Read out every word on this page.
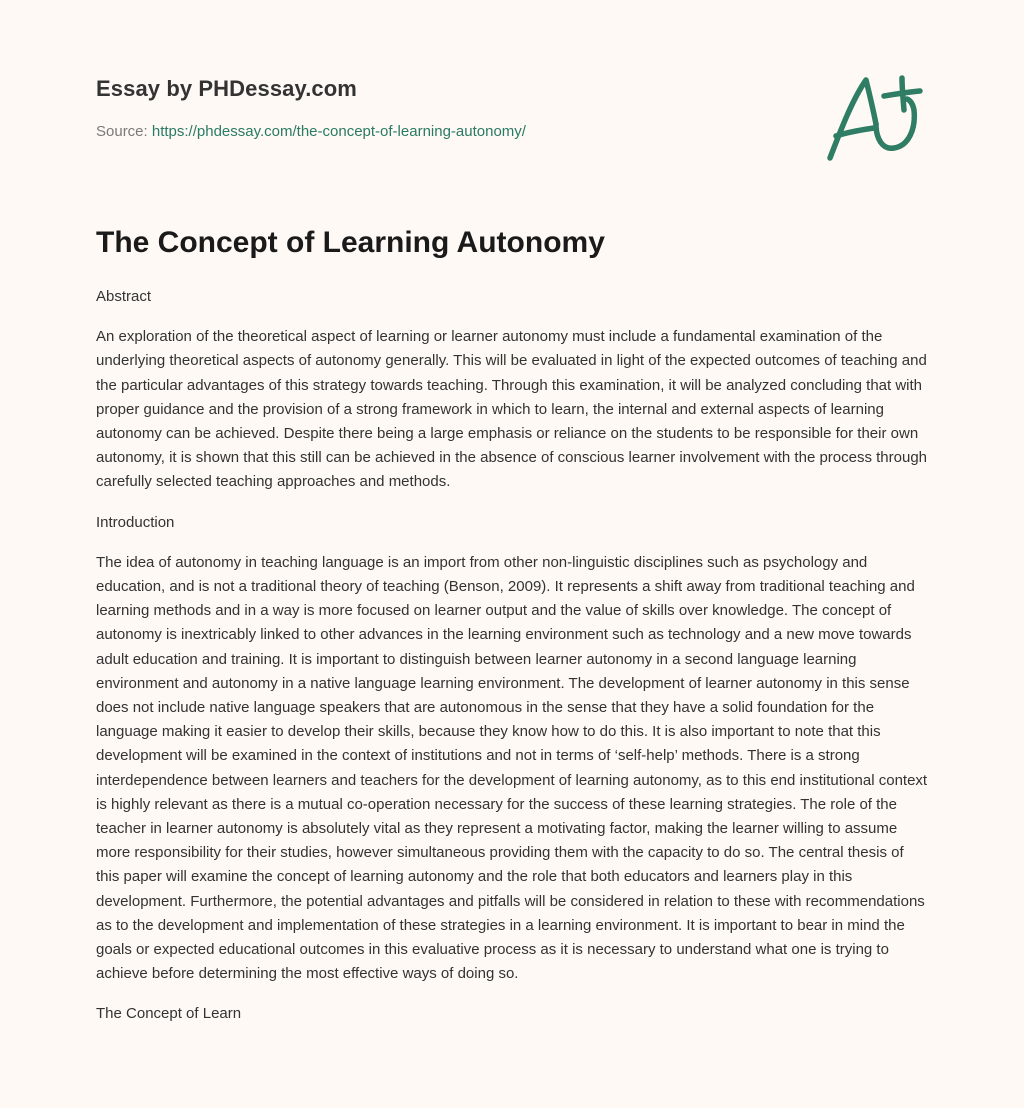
Essay by PHDessay.com
Source: https://phdessay.com/the-concept-of-learning-autonomy/
The Concept of Learning Autonomy

Abstract

An exploration of the theoretical aspect of learning or learner autonomy must include a fundamental examination of the underlying theoretical aspects of autonomy generally. This will be evaluated in light of the expected outcomes of teaching and the particular advantages of this strategy towards teaching. Through this examination, it will be analyzed concluding that with proper guidance and the provision of a strong framework in which to learn, the internal and external aspects of learning autonomy can be achieved. Despite there being a large emphasis or reliance on the students to be responsible for their own autonomy, it is shown that this still can be achieved in the absence of conscious learner involvement with the process through carefully selected teaching approaches and methods.

Introduction

The idea of autonomy in teaching language is an import from other non-linguistic disciplines such as psychology and education, and is not a traditional theory of teaching (Benson, 2009). It represents a shift away from traditional teaching and learning methods and in a way is more focused on learner output and the value of skills over knowledge. The concept of autonomy is inextricably linked to other advances in the learning environment such as technology and a new move towards adult education and training. It is important to distinguish between learner autonomy in a second language learning environment and autonomy in a native language learning environment. The development of learner autonomy in this sense does not include native language speakers that are autonomous in the sense that they have a solid foundation for the language making it easier to develop their skills, because they know how to do this. It is also important to note that this development will be examined in the context of institutions and not in terms of ‘self-help’ methods. There is a strong interdependence between learners and teachers for the development of learning autonomy, as to this end institutional context is highly relevant as there is a mutual co-operation necessary for the success of these learning strategies. The role of the teacher in learner autonomy is absolutely vital as they represent a motivating factor, making the learner willing to assume more responsibility for their studies, however simultaneous providing them with the capacity to do so. The central thesis of this paper will examine the concept of learning autonomy and the role that both educators and learners play in this development. Furthermore, the potential advantages and pitfalls will be considered in relation to these with recommendations as to the development and implementation of these strategies in a learning environment. It is important to bear in mind the goals or expected educational outcomes in this evaluative process as it is necessary to understand what one is trying to achieve before determining the most effective ways of doing so.

The Concept of Learn
